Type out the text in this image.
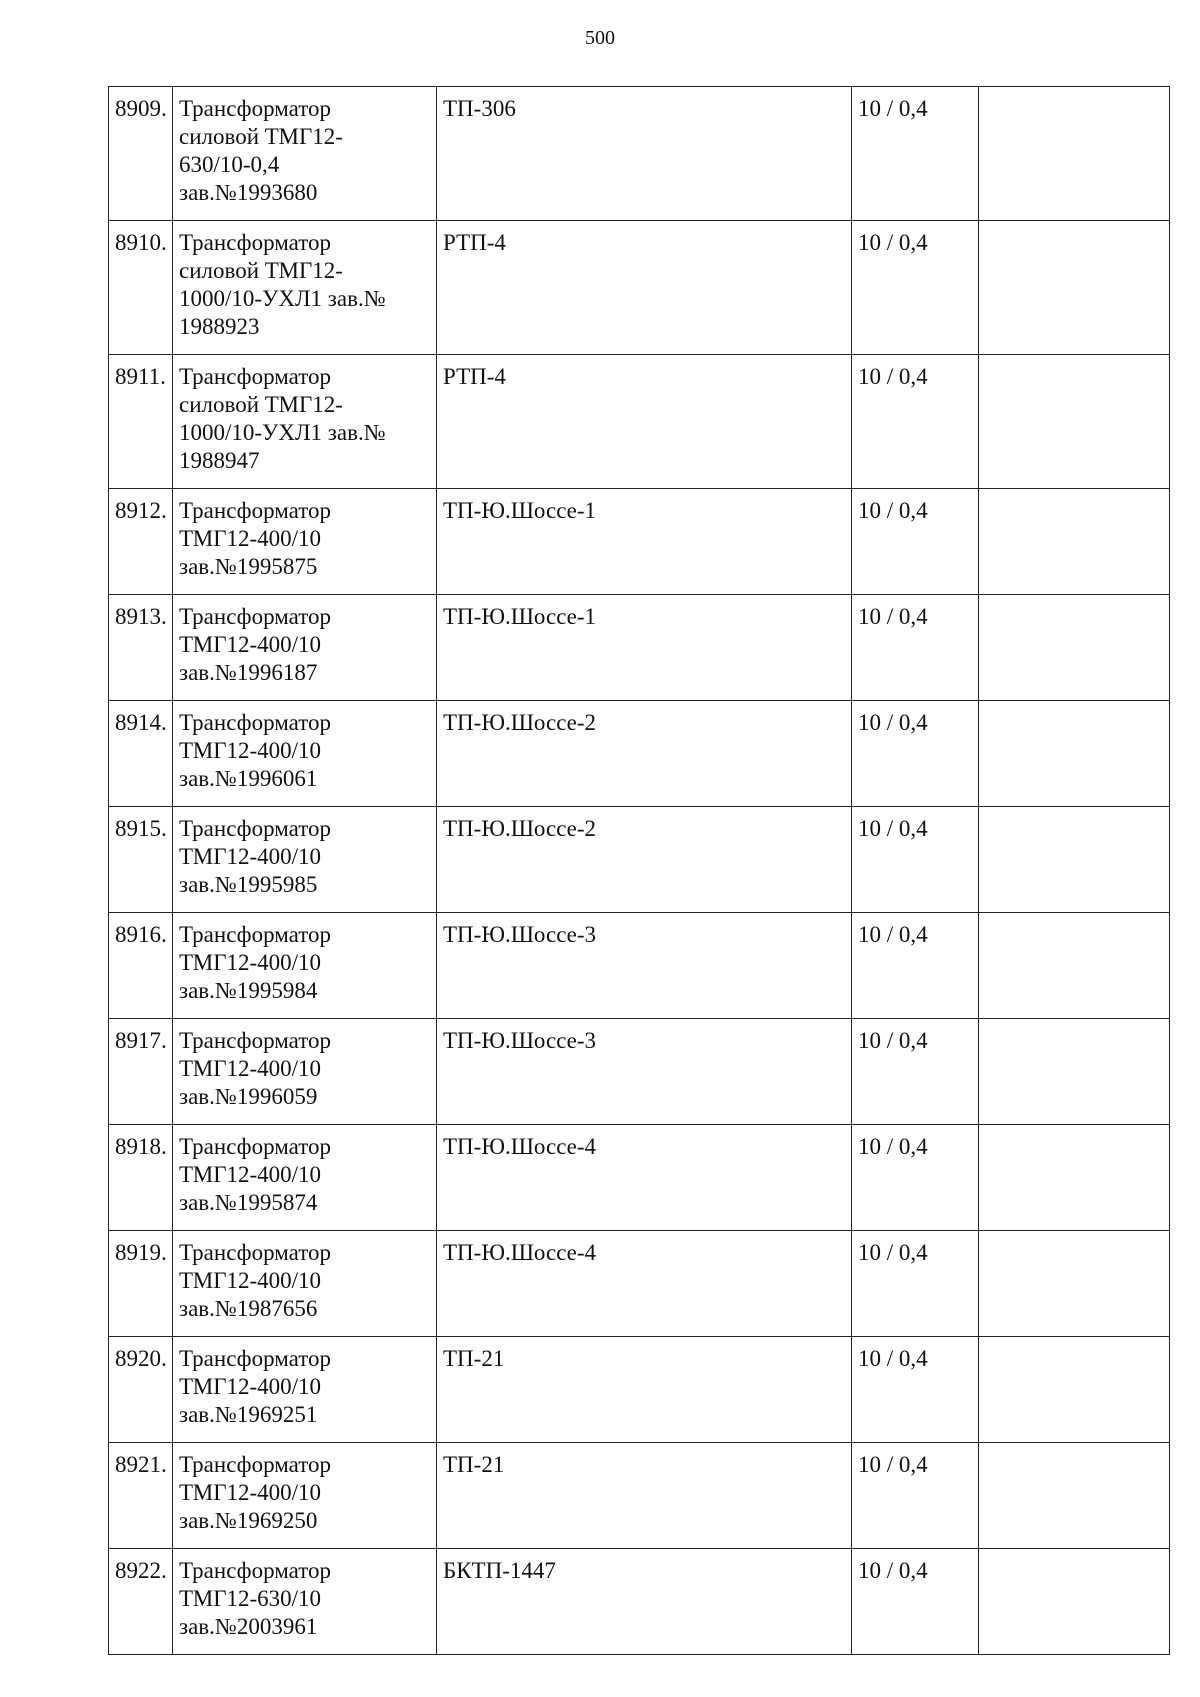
500
8909.	Трансформатор
силовой ТМГ12-
630/10-0,4
зав.№1993680	ТП-306	10 / 0,4	
8910.	Трансформатор
силовой ТМГ12-
1000/10-УХЛ1 зав.№
1988923	РТП-4	10 / 0,4	
8911.	Трансформатор
силовой ТМГ12-
1000/10-УХЛ1 зав.№
1988947	РТП-4	10 / 0,4	
8912.	Трансформатор
ТМГ12-400/10
зав.№1995875	ТП-Ю.Шоссе-1	10 / 0,4	
8913.	Трансформатор
ТМГ12-400/10
зав.№1996187	ТП-Ю.Шоссе-1	10 / 0,4	
8914.	Трансформатор
ТМГ12-400/10
зав.№1996061	ТП-Ю.Шоссе-2	10 / 0,4	
8915.	Трансформатор
ТМГ12-400/10
зав.№1995985	ТП-Ю.Шоссе-2	10 / 0,4	
8916.	Трансформатор
ТМГ12-400/10
зав.№1995984	ТП-Ю.Шоссе-3	10 / 0,4	
8917.	Трансформатор
ТМГ12-400/10
зав.№1996059	ТП-Ю.Шоссе-3	10 / 0,4	
8918.	Трансформатор
ТМГ12-400/10
зав.№1995874	ТП-Ю.Шоссе-4	10 / 0,4	
8919.	Трансформатор
ТМГ12-400/10
зав.№1987656	ТП-Ю.Шоссе-4	10 / 0,4	
8920.	Трансформатор
ТМГ12-400/10
зав.№1969251	ТП-21	10 / 0,4	
8921.	Трансформатор
ТМГ12-400/10
зав.№1969250	ТП-21	10 / 0,4	
8922.	Трансформатор
ТМГ12-630/10
зав.№2003961	БКТП-1447	10 / 0,4	
